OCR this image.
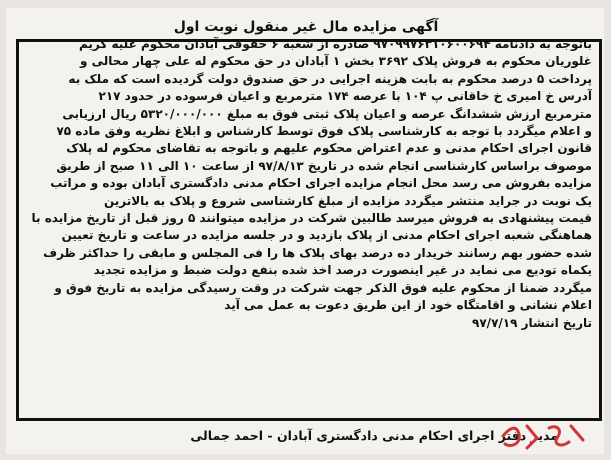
آگهی مزایده مال غیر منقول نوبت اول

باتوجه به دادنامه ۹۷۰۹۹۷۶۳۱۰۶۰۰۶۹۴ صادره از شعبه ۶ حقوقی آبادان محکوم علیه کریم
غلوریان محکوم به فروش پلاک ۳۶۹۲ بخش ۱ آبادان در حق محکوم له علی چهار محالی و
پرداخت ۵ درصد محکوم به بابت هزینه اجرایی در حق صندوق دولت گردیده است که ملک به
آدرس خ امیری خ خاقانی پ ۱۰۴ با عرصه ۱۷۴ مترمربع و اعیان فرسوده در حدود ۲۱۷
مترمربع ارزش ششدانگ عرصه و اعیان پلاک ثبتی فوق به مبلغ ۵۳۲۰/۰۰۰/۰۰۰ ریال ارزیابی
و اعلام میگردد با توجه به کارشناسی پلاک فوق توسط کارشناس و ابلاغ نظریه وفق ماده ۷۵
قانون اجرای احکام مدنی و عدم اعتراض محکوم علیهم و باتوجه به تقاضای محکوم له پلاک
موصوف براساس کارشناسی انجام شده در تاریخ ۹۷/۸/۱۳ از ساعت ۱۰ الی ۱۱ صبح از طریق
مزایده بفروش می رسد محل انجام مزایده اجرای احکام مدنی دادگستری آبادان بوده و مراتب
یک نوبت در جراید منتشر میگردد مزایده از مبلغ کارشناسی شروع و پلاک به بالاترین
قیمت پیشنهادی به فروش میرسد طالبین شرکت در مزایده میتوانند ۵ روز قبل از تاریخ مزایده با
هماهنگی شعبه اجرای احکام مدنی از پلاک بازدید و در جلسه مزایده در ساعت و تاریخ تعیین
شده حضور بهم رسانند خریدار ده درصد بهای پلاک ها را فی المجلس و مابقی را حداکثر ظرف
یکماه تودیع می نماید در غیر اینصورت درصد اخذ شده بنفع دولت ضبط و مزایده تجدید
میگردد ضمنا از محکوم علیه فوق الذکر جهت شرکت در وقت رسیدگی مزایده به تاریخ فوق و
اعلام نشانی و اقامتگاه خود از این طریق دعوت به عمل می آید
تاریخ انتشار ۹۷/۷/۱۹

مدیر دفتر اجرای احکام مدنی دادگستری آبادان - احمد جمالی
